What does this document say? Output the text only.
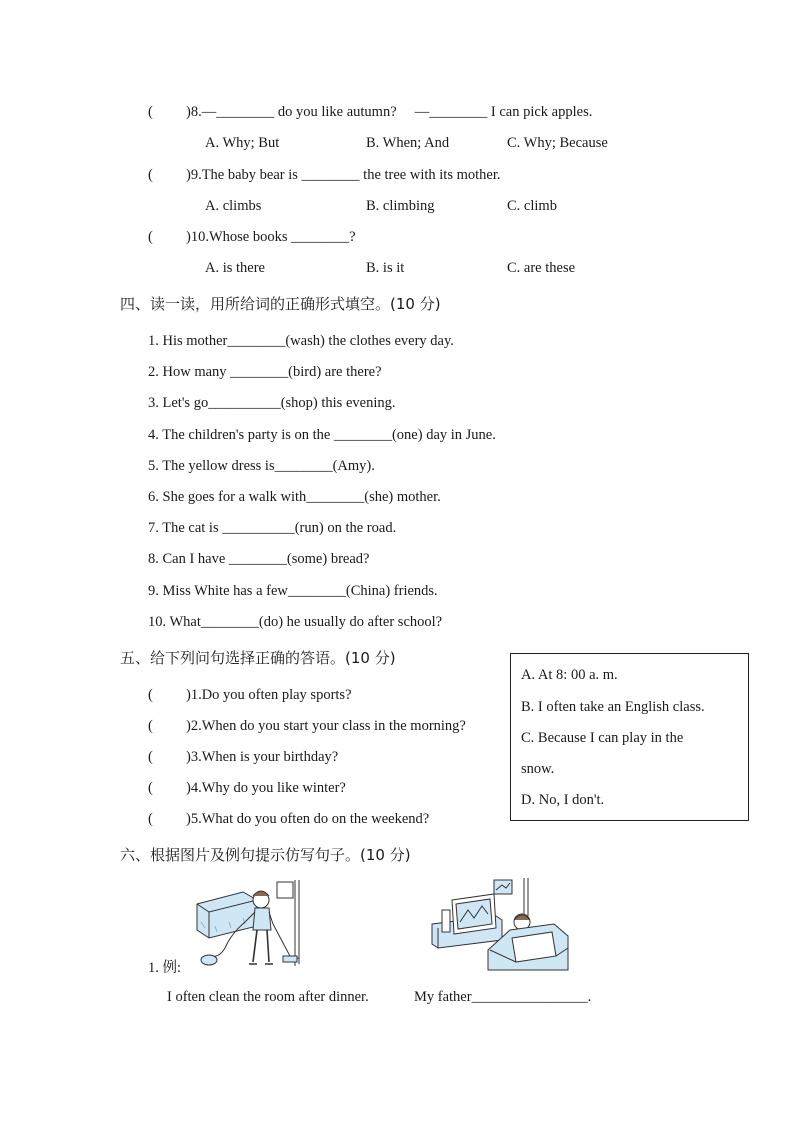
( )8.—________ do you like autumn?　 —________ I can pick apples.
A. Why; But	B. When; And	C. Why; Because
( )9.The baby bear is ________ the tree with its mother.
A. climbs	B. climbing	C. climb
( )10.Whose books ________?
A. is there	B. is it	C. are these
四、读一读，用所给词的正确形式填空。(10 分)
1. His mother________(wash) the clothes every day.
2. How many ________(bird) are there?
3. Let's go__________(shop) this evening.
4. The children's party is on the ________(one) day in June.
5. The yellow dress is________(Amy).
6. She goes for a walk with________(she) mother.
7. The cat is __________(run) on the road.
8. Can I have ________(some) bread?
9. Miss White has a few________(China) friends.
10. What________(do) he usually do after school?
五、给下列问句选择正确的答语。(10 分)
( )1.Do you often play sports?
( )2.When do you start your class in the morning?
( )3.When is your birthday?
( )4.Why do you like winter?
( )5.What do you often do on the weekend?
A. At 8: 00 a. m.
B. I often take an English class.
C. Because I can play in the
snow.
D. No, I don't.
六、根据图片及例句提示仿写句子。(10 分)
1. 例:
I often clean the room after dinner.	My father________________.
